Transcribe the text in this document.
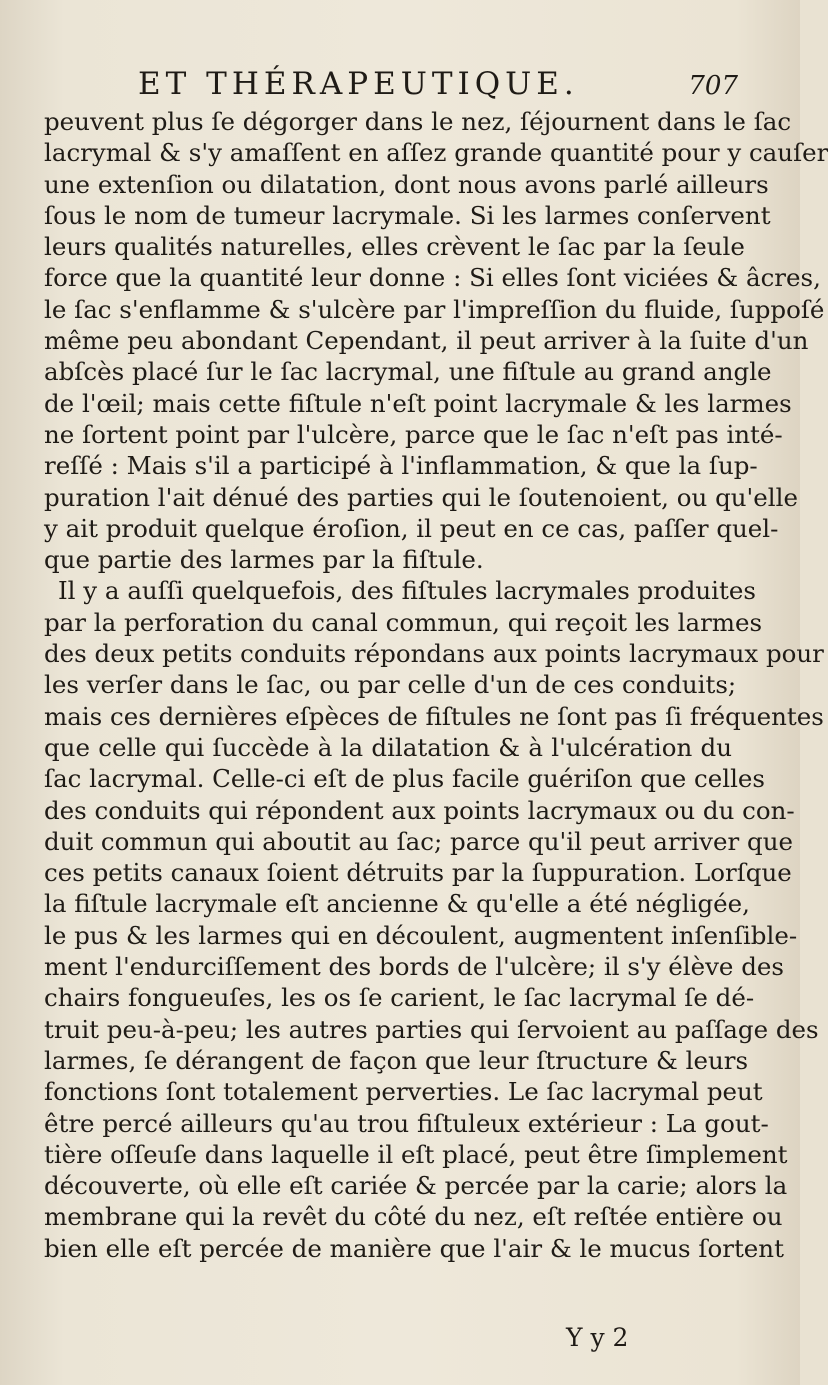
ET THÉRAPEUTIQUE.	707
peuvent plus ſe dégorger dans le nez, ſéjournent dans le ſac
lacrymal & s'y amaſſent en aſſez grande quantité pour y cauſer
une extenſion ou dilatation, dont nous avons parlé ailleurs
ſous le nom de tumeur lacrymale. Si les larmes conſervent
leurs qualités naturelles, elles crèvent le ſac par la ſeule
force que la quantité leur donne : Si elles ſont viciées & âcres,
le ſac s'enflamme & s'ulcère par l'impreſſion du fluide, ſuppoſé
même peu abondant Cependant, il peut arriver à la ſuite d'un
abſcès placé ſur le ſac lacrymal, une fiſtule au grand angle
de l'œil; mais cette fiſtule n'eſt point lacrymale & les larmes
ne ſortent point par l'ulcère, parce que le ſac n'eſt pas inté-
reſſé : Mais s'il a participé à l'inflammation, & que la ſup-
puration l'ait dénué des parties qui le ſoutenoient, ou qu'elle
y ait produit quelque éroſion, il peut en ce cas, paſſer quel-
que partie des larmes par la fiſtule.
Il y a auſſi quelquefois, des fiſtules lacrymales produites
par la perforation du canal commun, qui reçoit les larmes
des deux petits conduits répondans aux points lacrymaux pour
les verſer dans le ſac, ou par celle d'un de ces conduits;
mais ces dernières eſpèces de fiſtules ne ſont pas ſi fréquentes
que celle qui ſuccède à la dilatation & à l'ulcération du
ſac lacrymal. Celle-ci eſt de plus facile guériſon que celles
des conduits qui répondent aux points lacrymaux ou du con-
duit commun qui aboutit au ſac; parce qu'il peut arriver que
ces petits canaux ſoient détruits par la ſuppuration. Lorſque
la fiſtule lacrymale eſt ancienne & qu'elle a été négligée,
le pus & les larmes qui en découlent, augmentent inſenſible-
ment l'endurciſſement des bords de l'ulcère; il s'y élève des
chairs fongueuſes, les os ſe carient, le ſac lacrymal ſe dé-
truit peu-à-peu; les autres parties qui ſervoient au paſſage des
larmes, ſe dérangent de façon que leur ſtructure & leurs
fonctions ſont totalement perverties. Le ſac lacrymal peut
être percé ailleurs qu'au trou fiſtuleux extérieur : La gout-
tière oſſeuſe dans laquelle il eſt placé, peut être ſimplement
découverte, où elle eſt cariée & percée par la carie; alors la
membrane qui la revêt du côté du nez, eſt reſtée entière ou
bien elle eſt percée de manière que l'air & le mucus ſortent
Y y 2
